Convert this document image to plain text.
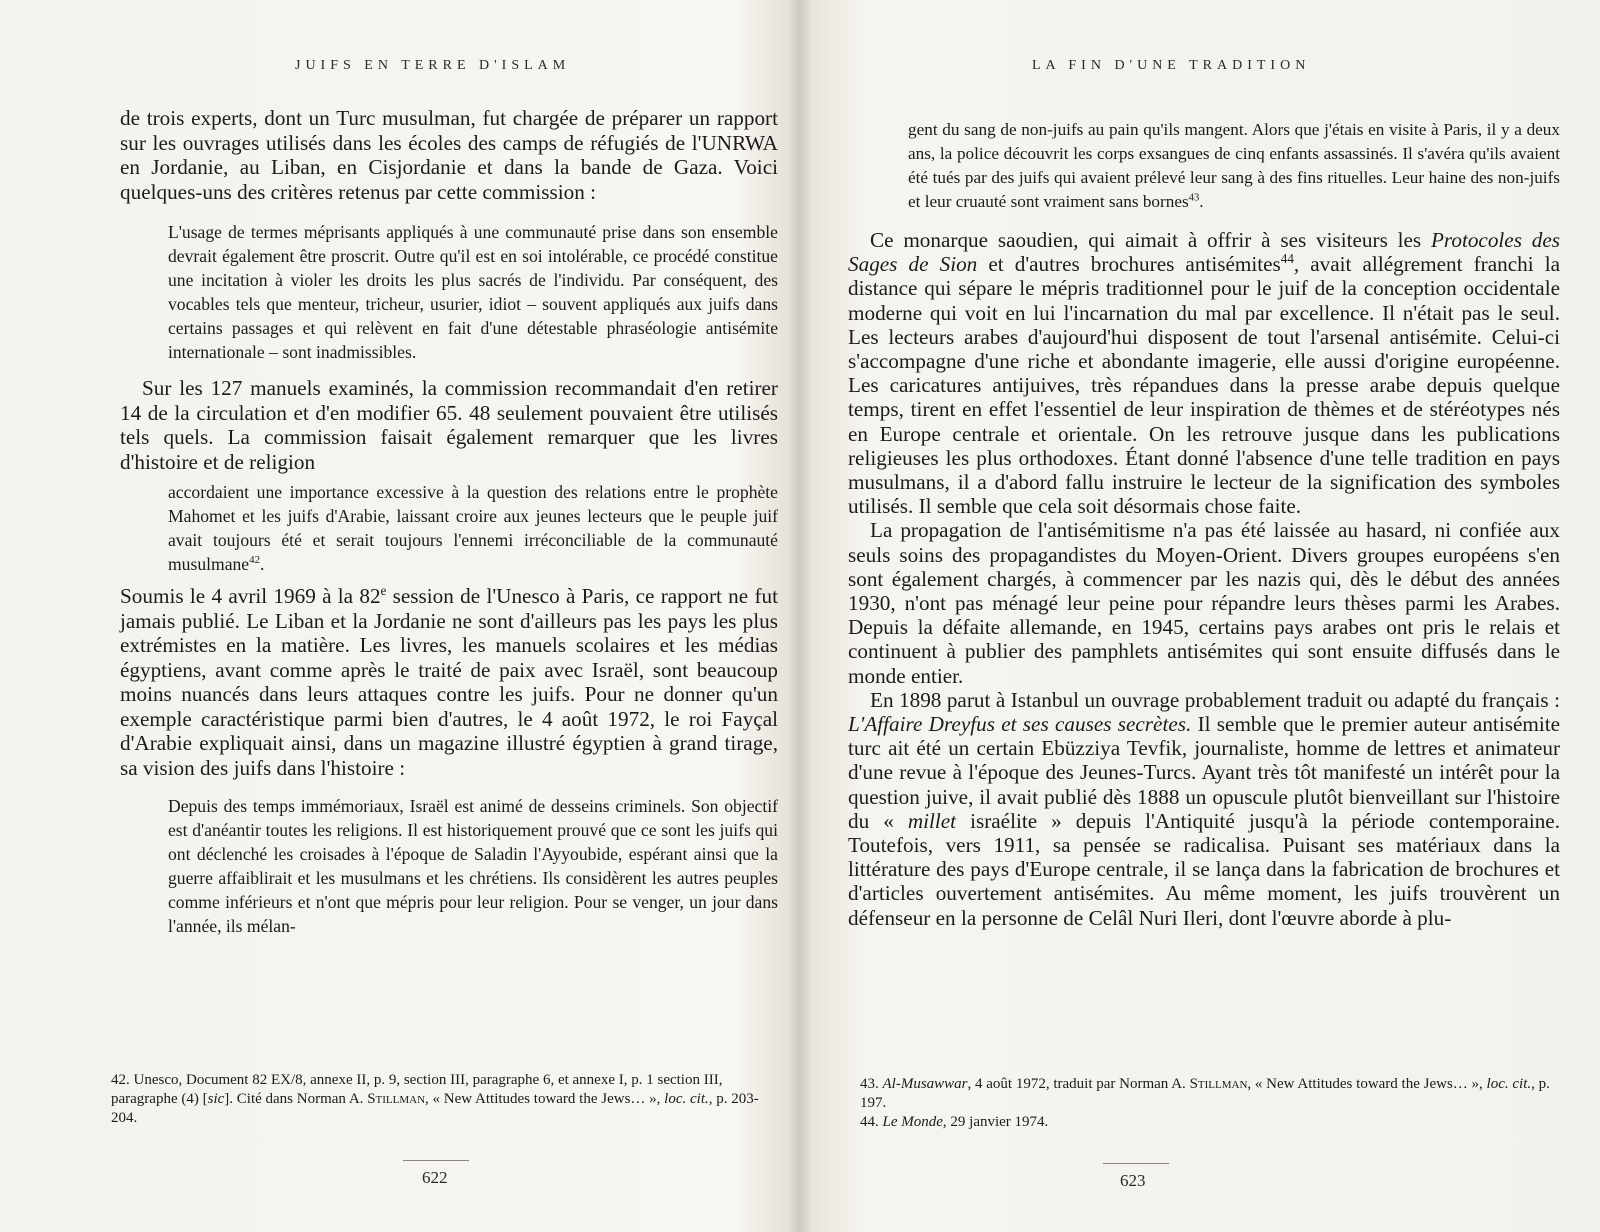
JUIFS EN TERRE D'ISLAM

de trois experts, dont un Turc musulman, fut chargée de préparer un rapport sur les ouvrages utilisés dans les écoles des camps de réfugiés de l'UNRWA en Jordanie, au Liban, en Cisjordanie et dans la bande de Gaza. Voici quelques-uns des critères retenus par cette commission :

L'usage de termes méprisants appliqués à une communauté prise dans son ensemble devrait également être proscrit. Outre qu'il est en soi intolérable, ce procédé constitue une incitation à violer les droits les plus sacrés de l'individu. Par conséquent, des vocables tels que menteur, tricheur, usurier, idiot – souvent appliqués aux juifs dans certains passages et qui relèvent en fait d'une détestable phraséologie antisémite internationale – sont inadmissibles.

Sur les 127 manuels examinés, la commission recommandait d'en retirer 14 de la circulation et d'en modifier 65. 48 seulement pouvaient être utilisés tels quels. La commission faisait également remarquer que les livres d'histoire et de religion

accordaient une importance excessive à la question des relations entre le prophète Mahomet et les juifs d'Arabie, laissant croire aux jeunes lecteurs que le peuple juif avait toujours été et serait toujours l'ennemi irréconciliable de la communauté musulmane$^{42}$.

Soumis le 4 avril 1969 à la 82e session de l'Unesco à Paris, ce rapport ne fut jamais publié. Le Liban et la Jordanie ne sont d'ailleurs pas les pays les plus extrémistes en la matière. Les livres, les manuels scolaires et les médias égyptiens, avant comme après le traité de paix avec Israël, sont beaucoup moins nuancés dans leurs attaques contre les juifs. Pour ne donner qu'un exemple caractéristique parmi bien d'autres, le 4 août 1972, le roi Fayçal d'Arabie expliquait ainsi, dans un magazine illustré égyptien à grand tirage, sa vision des juifs dans l'histoire :

Depuis des temps immémoriaux, Israël est animé de desseins criminels. Son objectif est d'anéantir toutes les religions. Il est historiquement prouvé que ce sont les juifs qui ont déclenché les croisades à l'époque de Saladin l'Ayyoubide, espérant ainsi que la guerre affaiblirait et les musulmans et les chrétiens. Ils considèrent les autres peuples comme inférieurs et n'ont que mépris pour leur religion. Pour se venger, un jour dans l'année, ils mélan-

42. Unesco, Document 82 EX/8, annexe II, p. 9, section III, paragraphe 6, et annexe I, p. 1 section III, paragraphe (4) [sic]. Cité dans Norman A. Stillman, « New Attitudes toward the Jews… », loc. cit., p. 203-204.

622
LA FIN D'UNE TRADITION

gent du sang de non-juifs au pain qu'ils mangent. Alors que j'étais en visite à Paris, il y a deux ans, la police découvrit les corps exsangues de cinq enfants assassinés. Il s'avéra qu'ils avaient été tués par des juifs qui avaient prélevé leur sang à des fins rituelles. Leur haine des non-juifs et leur cruauté sont vraiment sans bornes$^{43}$.

Ce monarque saoudien, qui aimait à offrir à ses visiteurs les Protocoles des Sages de Sion et d'autres brochures antisémites$^{44}$, avait allégrement franchi la distance qui sépare le mépris traditionnel pour le juif de la conception occidentale moderne qui voit en lui l'incarnation du mal par excellence. Il n'était pas le seul. Les lecteurs arabes d'aujourd'hui disposent de tout l'arsenal antisémite. Celui-ci s'accompagne d'une riche et abondante imagerie, elle aussi d'origine européenne. Les caricatures antijuives, très répandues dans la presse arabe depuis quelque temps, tirent en effet l'essentiel de leur inspiration de thèmes et de stéréotypes nés en Europe centrale et orientale. On les retrouve jusque dans les publications religieuses les plus orthodoxes. Étant donné l'absence d'une telle tradition en pays musulmans, il a d'abord fallu instruire le lecteur de la signification des symboles utilisés. Il semble que cela soit désormais chose faite.

La propagation de l'antisémitisme n'a pas été laissée au hasard, ni confiée aux seuls soins des propagandistes du Moyen-Orient. Divers groupes européens s'en sont également chargés, à commencer par les nazis qui, dès le début des années 1930, n'ont pas ménagé leur peine pour répandre leurs thèses parmi les Arabes. Depuis la défaite allemande, en 1945, certains pays arabes ont pris le relais et continuent à publier des pamphlets antisémites qui sont ensuite diffusés dans le monde entier.

En 1898 parut à Istanbul un ouvrage probablement traduit ou adapté du français : L'Affaire Dreyfus et ses causes secrètes. Il semble que le premier auteur antisémite turc ait été un certain Ebüzziya Tevfik, journaliste, homme de lettres et animateur d'une revue à l'époque des Jeunes-Turcs. Ayant très tôt manifesté un intérêt pour la question juive, il avait publié dès 1888 un opuscule plutôt bienveillant sur l'histoire du « millet israélite » depuis l'Antiquité jusqu'à la période contemporaine. Toutefois, vers 1911, sa pensée se radicalisa. Puisant ses matériaux dans la littérature des pays d'Europe centrale, il se lança dans la fabrication de brochures et d'articles ouvertement antisémites. Au même moment, les juifs trouvèrent un défenseur en la personne de Celâl Nuri Ileri, dont l'œuvre aborde à plu-

43. Al-Musawwar, 4 août 1972, traduit par Norman A. Stillman, « New Attitudes toward the Jews… », loc. cit., p. 197.

44. Le Monde, 29 janvier 1974.

623
